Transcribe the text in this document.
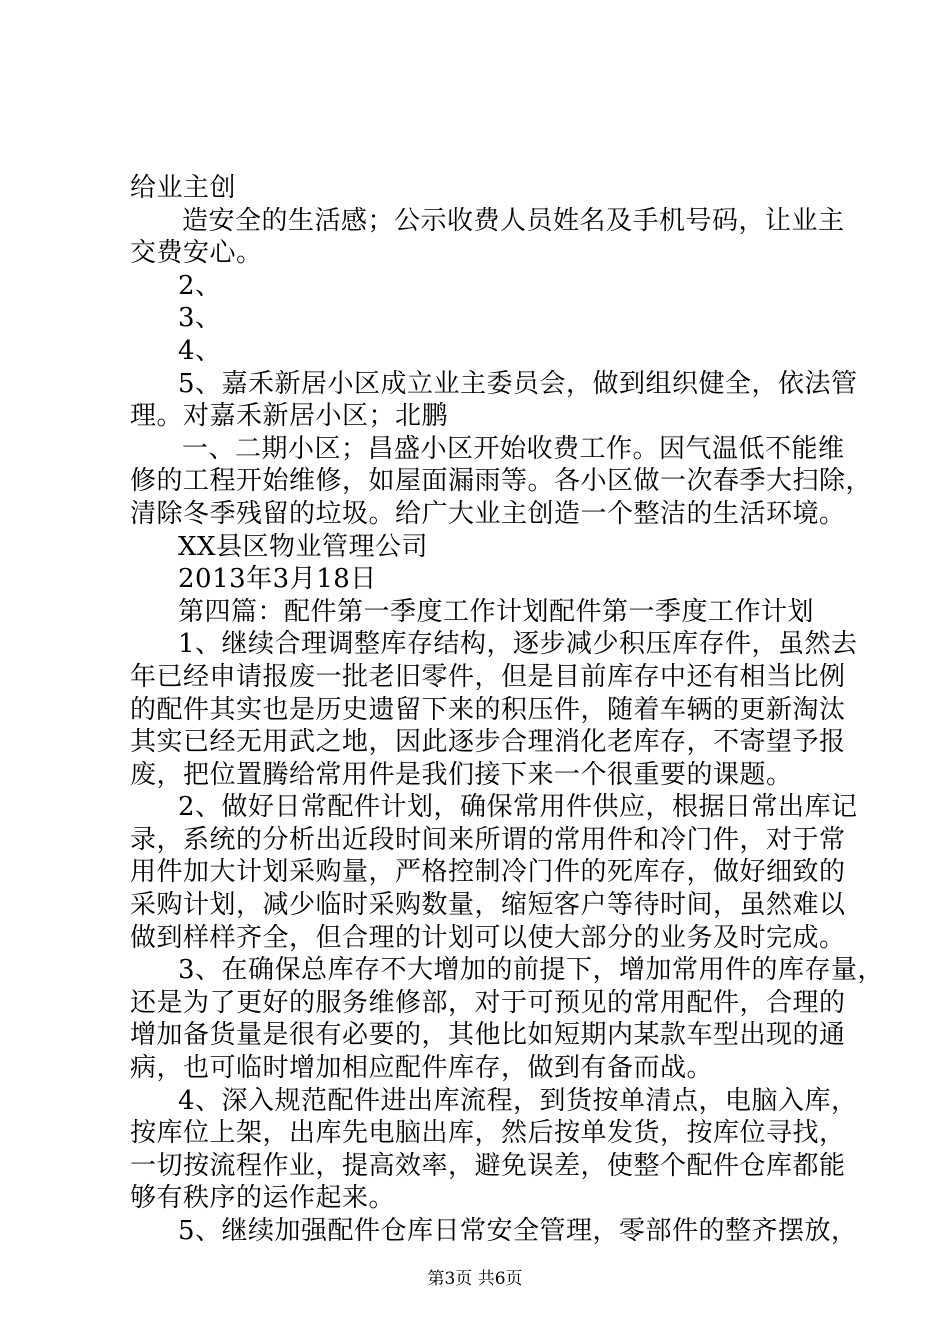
给业主创
造安全的生活感；公示收费人员姓名及手机号码，让业主
交费安心。
2、
3、
4、
5、嘉禾新居小区成立业主委员会，做到组织健全，依法管
理。对嘉禾新居小区；北鹏
一、二期小区；昌盛小区开始收费工作。因气温低不能维
修的工程开始维修，如屋面漏雨等。各小区做一次春季大扫除，
清除冬季残留的垃圾。给广大业主创造一个整洁的生活环境。
XX县区物业管理公司
2013年3月18日
第四篇：配件第一季度工作计划配件第一季度工作计划
1、继续合理调整库存结构，逐步减少积压库存件，虽然去
年已经申请报废一批老旧零件，但是目前库存中还有相当比例
的配件其实也是历史遗留下来的积压件，随着车辆的更新淘汰
其实已经无用武之地，因此逐步合理消化老库存，不寄望予报
废，把位置腾给常用件是我们接下来一个很重要的课题。
2、做好日常配件计划，确保常用件供应，根据日常出库记
录，系统的分析出近段时间来所谓的常用件和冷门件，对于常
用件加大计划采购量，严格控制冷门件的死库存，做好细致的
采购计划，减少临时采购数量，缩短客户等待时间，虽然难以
做到样样齐全，但合理的计划可以使大部分的业务及时完成。
3、在确保总库存不大增加的前提下，增加常用件的库存量，
还是为了更好的服务维修部，对于可预见的常用配件，合理的
增加备货量是很有必要的，其他比如短期内某款车型出现的通
病，也可临时增加相应配件库存，做到有备而战。
4、深入规范配件进出库流程，到货按单清点，电脑入库，
按库位上架，出库先电脑出库，然后按单发货，按库位寻找，
一切按流程作业，提高效率，避免误差，使整个配件仓库都能
够有秩序的运作起来。
5、继续加强配件仓库日常安全管理，零部件的整齐摆放，
第3页 共6页
